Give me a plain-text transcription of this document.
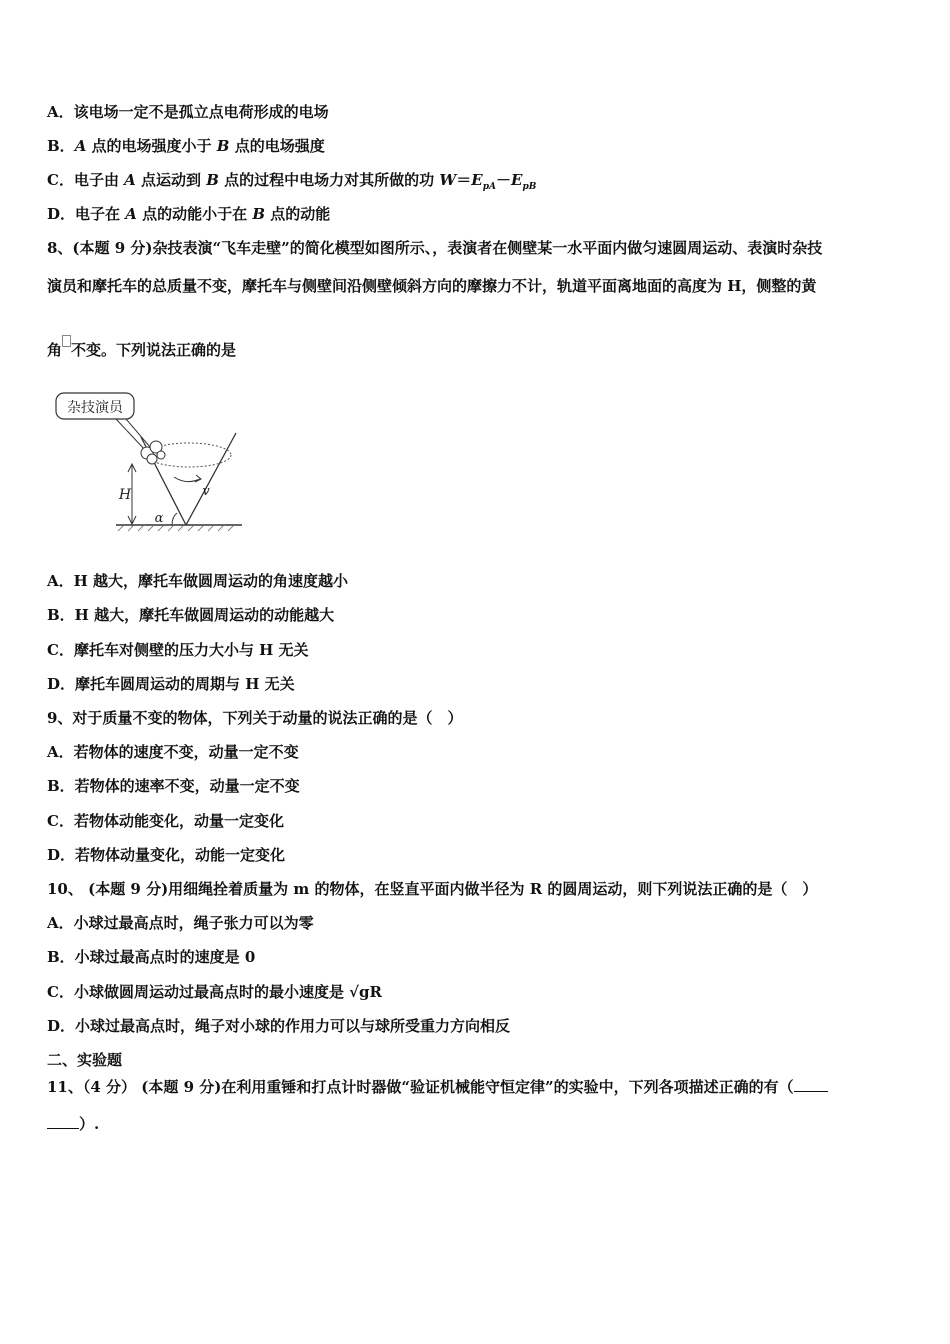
A．该电场一定不是孤立点电荷形成的电场
B．A 点的电场强度小于 B 点的电场强度
C．电子由 A 点运动到 B 点的过程中电场力对其所做的功 $W=E_{pA}-E_{pB}$
D．电子在 A 点的动能小于在 B 点的动能
8、(本题 9 分)杂技表演“飞车走壁”的简化模型如图所示、，表演者在侧壁某一水平面内做匀速圆周运动、表演时杂技
演员和摩托车的总质量不变，摩托车与侧壁间沿侧壁倾斜方向的摩擦力不计，轨道平面离地面的高度为 H，侧整的黄
角 不变。下列说法正确的是
杂技演员
H	v
α
A．H 越大，摩托车做圆周运动的角速度越小
B．H 越大，摩托车做圆周运动的动能越大
C．摩托车对侧壁的压力大小与 H 无关
D．摩托车圆周运动的周期与 H 无关
9、对于质量不变的物体，下列关于动量的说法正确的是（　）
A．若物体的速度不变，动量一定不变
B．若物体的速率不变，动量一定不变
C．若物体动能变化，动量一定变化
D．若物体动量变化，动能一定变化
10、 (本题 9 分)用细绳拴着质量为 m 的物体，在竖直平面内做半径为 R 的圆周运动，则下列说法正确的是（　）
A．小球过最高点时，绳子张力可以为零
B．小球过最高点时的速度是 0
C．小球做圆周运动过最高点时的最小速度是 √gR
D．小球过最高点时，绳子对小球的作用力可以与球所受重力方向相反
二、实验题
11、（4 分） (本题 9 分)在利用重锤和打点计时器做“验证机械能守恒定律”的实验中，下列各项描述正确的有（
）.
